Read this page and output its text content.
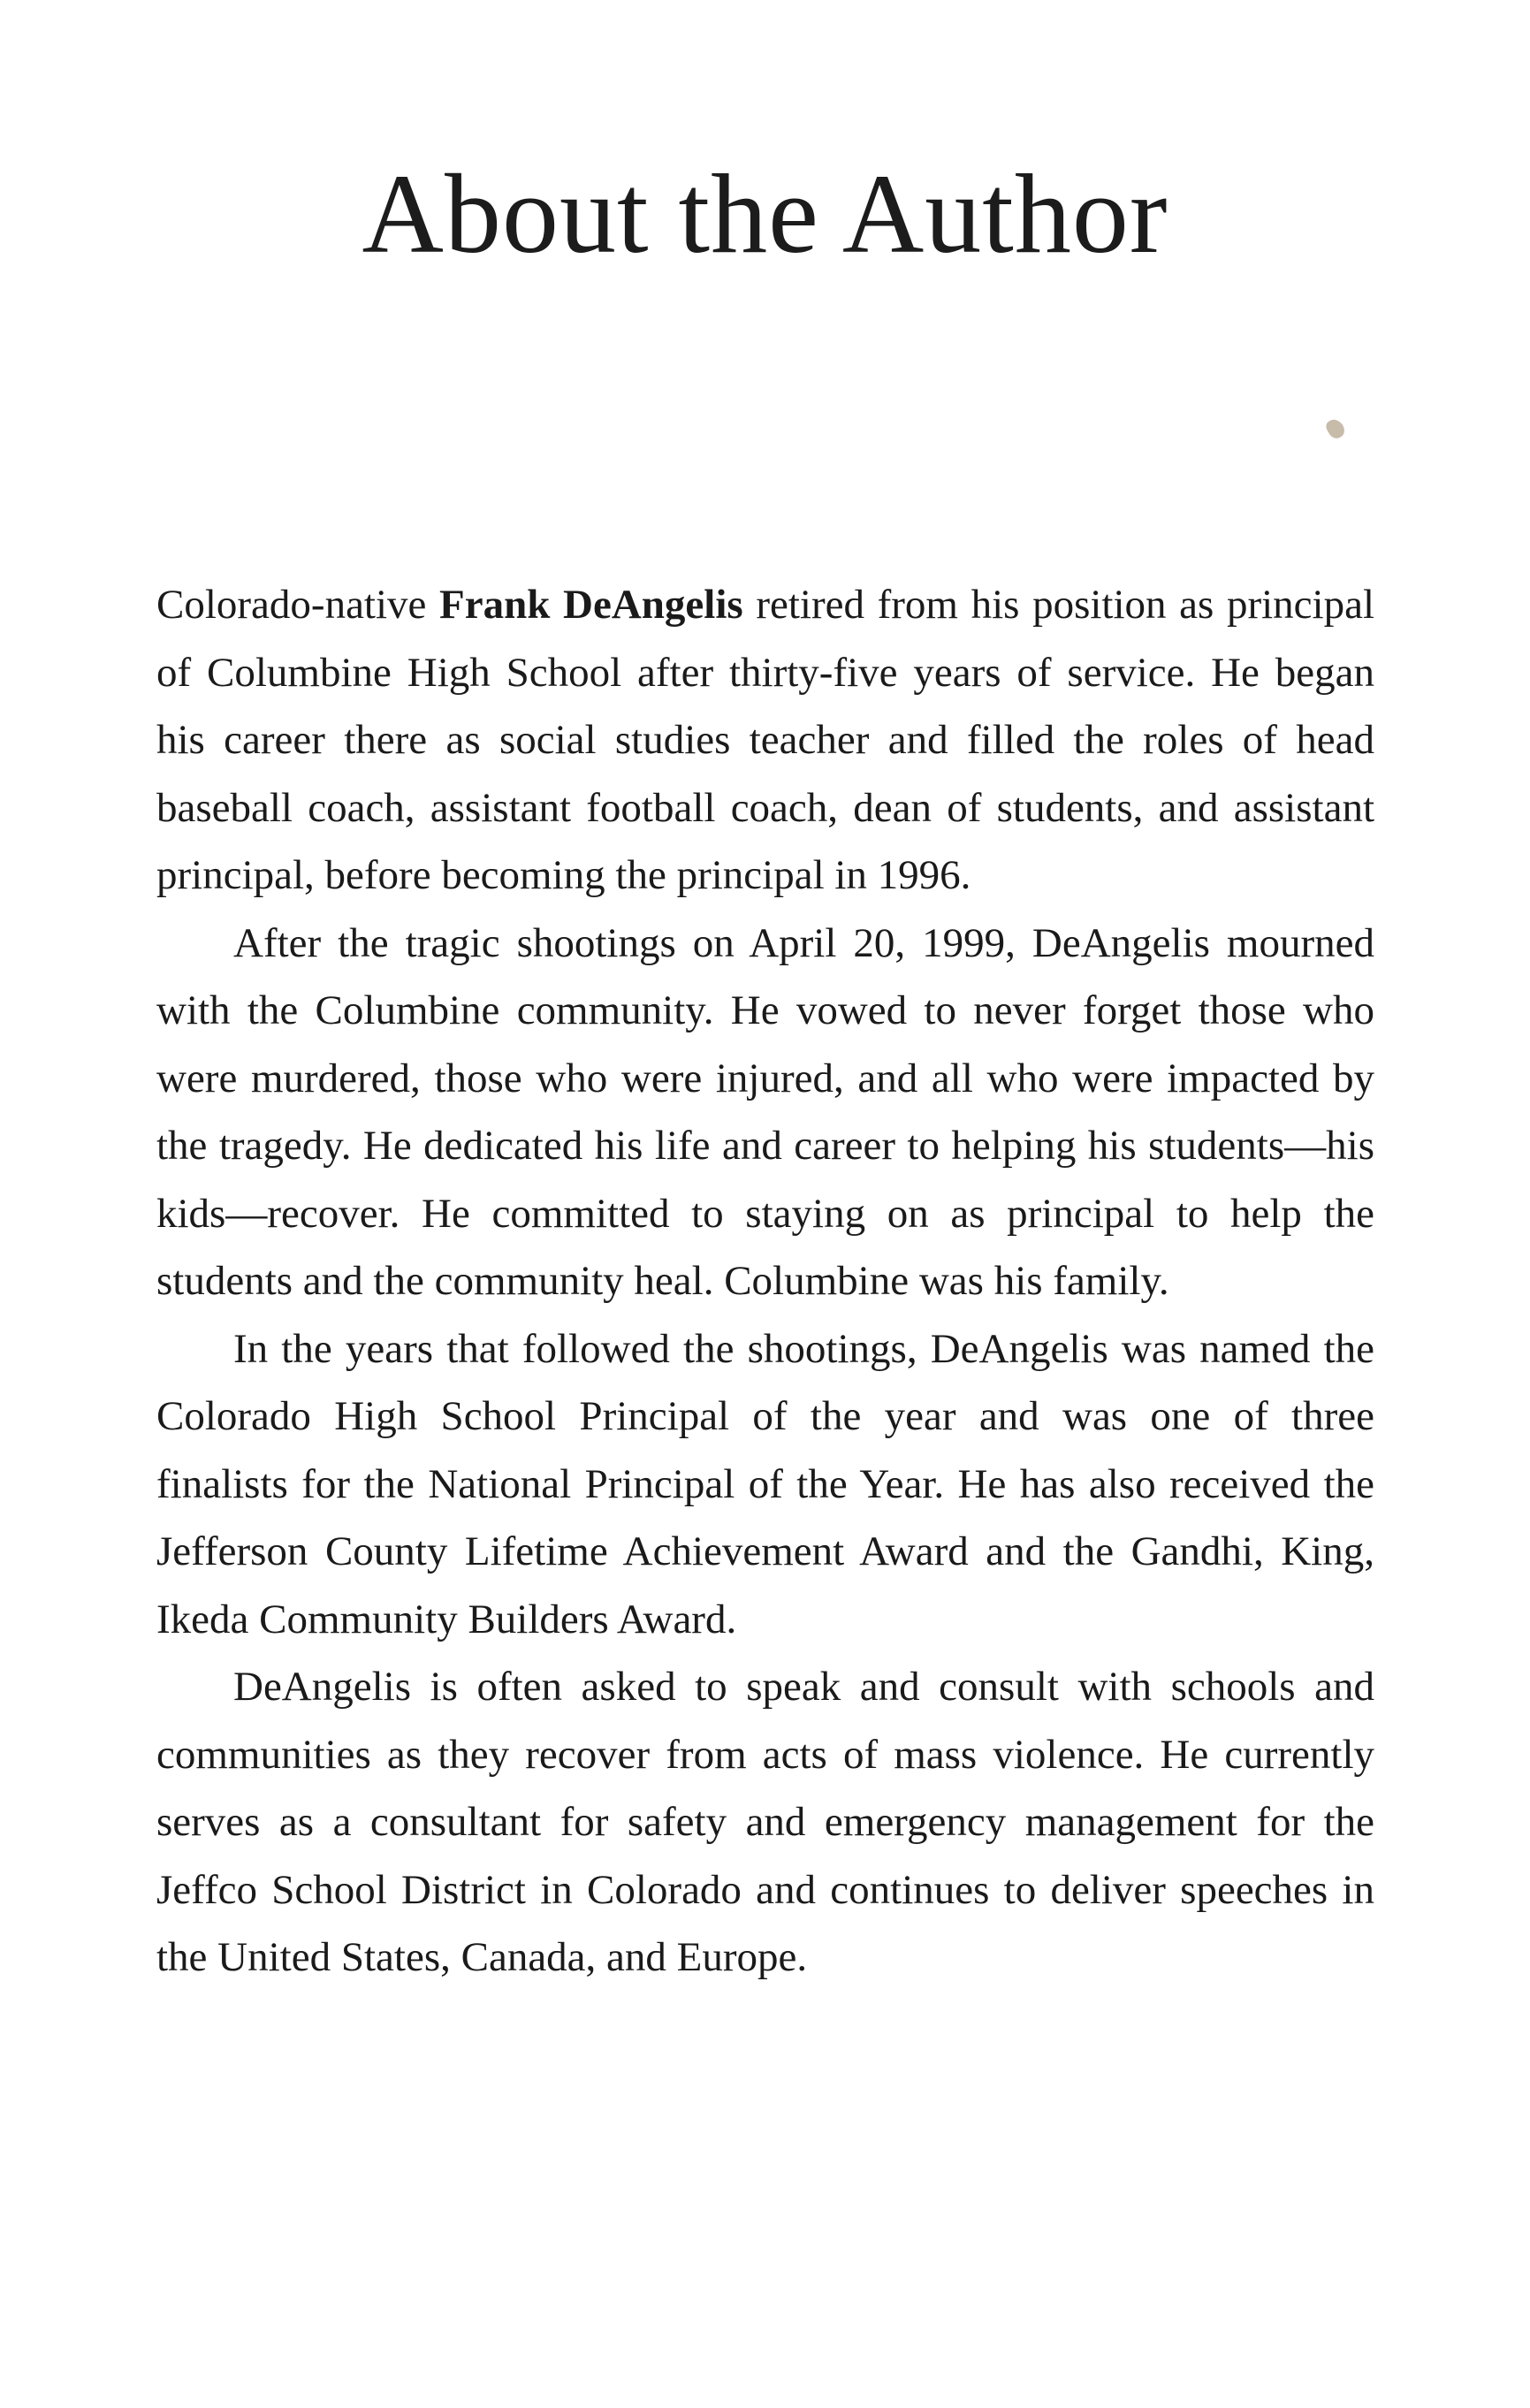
About the Author

Colorado-native Frank DeAngelis retired from his position as principal of Columbine High School after thirty-five years of service. He began his career there as social studies teacher and filled the roles of head baseball coach, assistant football coach, dean of students, and assistant principal, before becoming the principal in 1996.

After the tragic shootings on April 20, 1999, DeAngelis mourned with the Columbine community. He vowed to never forget those who were murdered, those who were injured, and all who were impacted by the tragedy. He dedicated his life and career to helping his students—his kids—recover. He committed to staying on as principal to help the students and the community heal. Columbine was his family.

In the years that followed the shootings, DeAngelis was named the Colorado High School Principal of the year and was one of three finalists for the National Principal of the Year. He has also received the Jefferson County Lifetime Achievement Award and the Gandhi, King, Ikeda Community Builders Award.

DeAngelis is often asked to speak and consult with schools and communities as they recover from acts of mass violence. He currently serves as a consultant for safety and emergency management for the Jeffco School District in Colorado and continues to deliver speeches in the United States, Canada, and Europe.
